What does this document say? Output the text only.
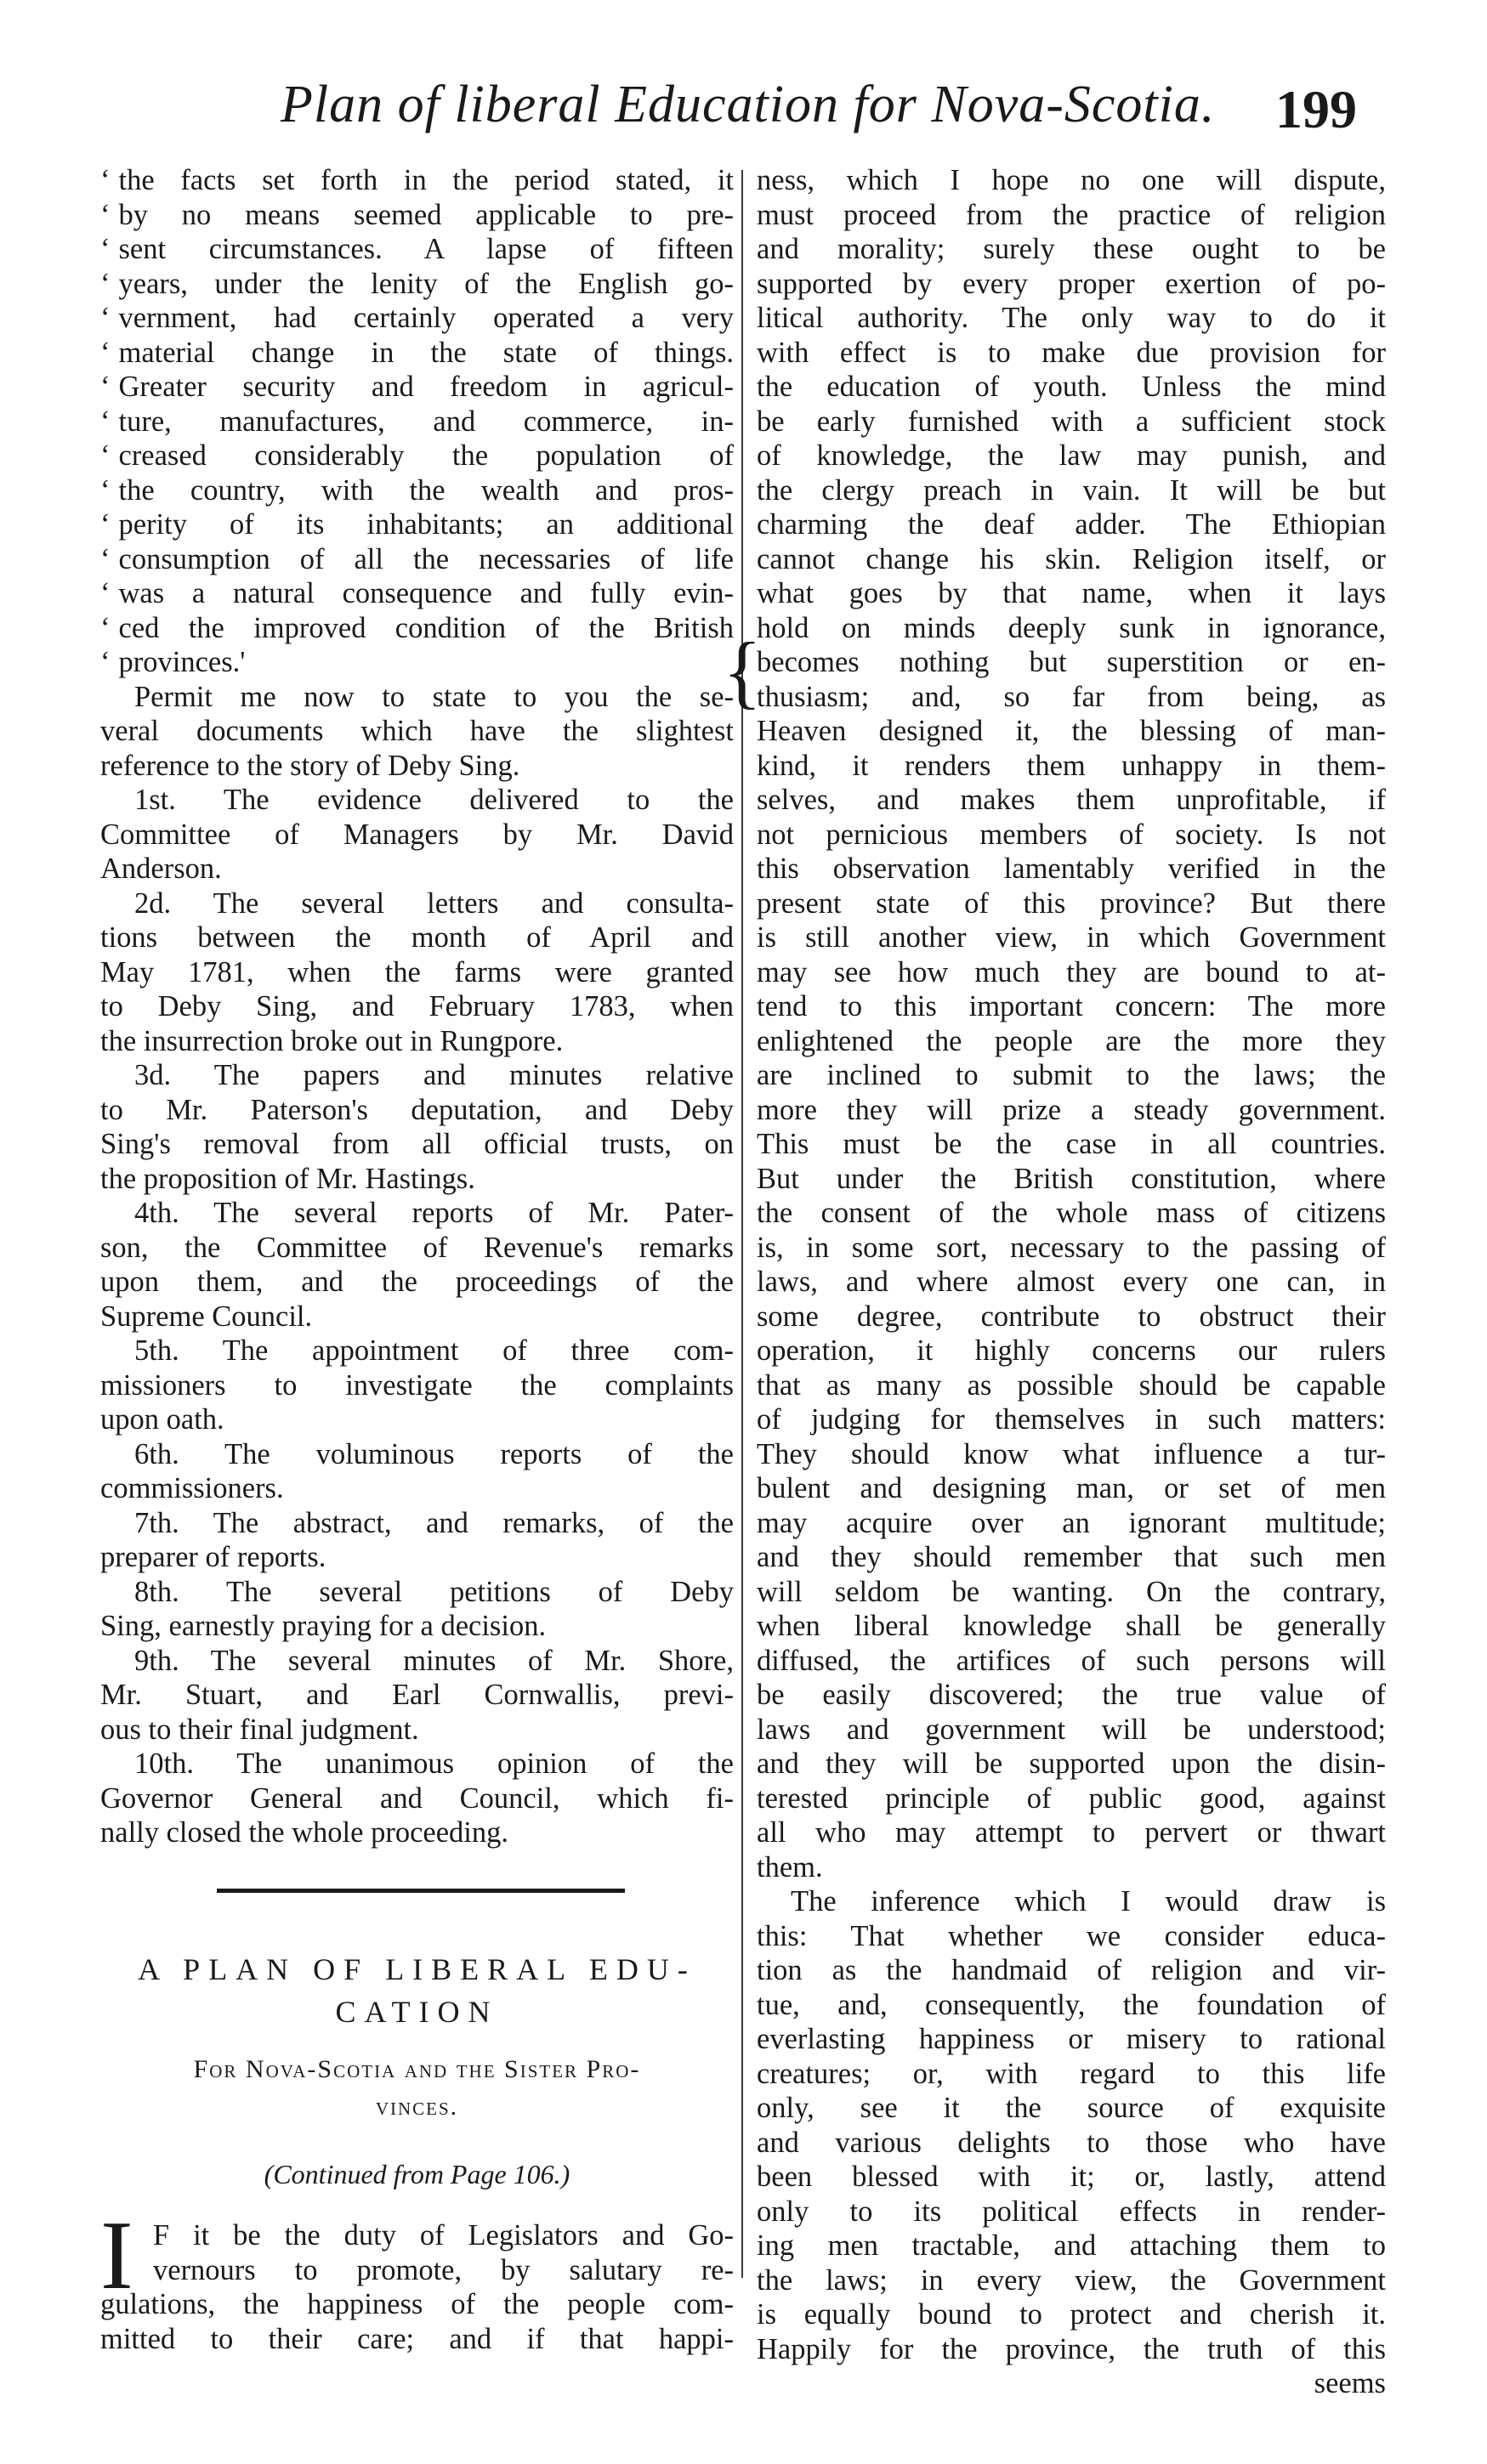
Plan of liberal Education for Nova-Scotia. 199
{

‘ the facts set forth in the period stated, it

‘ by no means seemed applicable to pre-

‘ sent circumstances. A lapse of fifteen

‘ years, under the lenity of the English go-

‘ vernment, had certainly operated a very

‘ material change in the state of things.

‘ Greater security and freedom in agricul-

‘ ture, manufactures, and commerce, in-

‘ creased considerably the population of

‘ the country, with the wealth and pros-

‘ perity of its inhabitants; an additional

‘ consumption of all the necessaries of life

‘ was a natural consequence and fully evin-

‘ ced the improved condition of the British

‘ provinces.'

Permit me now to state to you the se-

veral documents which have the slightest

reference to the story of Deby Sing.

1st. The evidence delivered to the

Committee of Managers by Mr. David

Anderson.

2d. The several letters and consulta-

tions between the month of April and

May 1781, when the farms were granted

to Deby Sing, and February 1783, when

the insurrection broke out in Rungpore.

3d. The papers and minutes relative

to Mr. Paterson's deputation, and Deby

Sing's removal from all official trusts, on

the proposition of Mr. Hastings.

4th. The several reports of Mr. Pater-

son, the Committee of Revenue's remarks

upon them, and the proceedings of the

Supreme Council.

5th. The appointment of three com-

missioners to investigate the complaints

upon oath.

6th. The voluminous reports of the

commissioners.

7th. The abstract, and remarks, of the

preparer of reports.

8th. The several petitions of Deby

Sing, earnestly praying for a decision.

9th. The several minutes of Mr. Shore,

Mr. Stuart, and Earl Cornwallis, previ-

ous to their final judgment.

10th. The unanimous opinion of the

Governor General and Council, which fi-

nally closed the whole proceeding.

A PLAN OF LIBERAL EDU-
CATION
For Nova-Scotia and the Sister Pro-
vinces.
(Continued from Page 106.)
I F it be the duty of Legislators and Go-

vernours to promote, by salutary re-

gulations, the happiness of the people com-

mitted to their care; and if that happi-

ness, which I hope no one will dispute,

must proceed from the practice of religion

and morality; surely these ought to be

supported by every proper exertion of po-

litical authority. The only way to do it

with effect is to make due provision for

the education of youth. Unless the mind

be early furnished with a sufficient stock

of knowledge, the law may punish, and

the clergy preach in vain. It will be but

charming the deaf adder. The Ethiopian

cannot change his skin. Religion itself, or

what goes by that name, when it lays

hold on minds deeply sunk in ignorance,

becomes nothing but superstition or en-

thusiasm; and, so far from being, as

Heaven designed it, the blessing of man-

kind, it renders them unhappy in them-

selves, and makes them unprofitable, if

not pernicious members of society. Is not

this observation lamentably verified in the

present state of this province? But there

is still another view, in which Government

may see how much they are bound to at-

tend to this important concern: The more

enlightened the people are the more they

are inclined to submit to the laws; the

more they will prize a steady government.

This must be the case in all countries.

But under the British constitution, where

the consent of the whole mass of citizens

is, in some sort, necessary to the passing of

laws, and where almost every one can, in

some degree, contribute to obstruct their

operation, it highly concerns our rulers

that as many as possible should be capable

of judging for themselves in such matters:

They should know what influence a tur-

bulent and designing man, or set of men

may acquire over an ignorant multitude;

and they should remember that such men

will seldom be wanting. On the contrary,

when liberal knowledge shall be generally

diffused, the artifices of such persons will

be easily discovered; the true value of

laws and government will be understood;

and they will be supported upon the disin-

terested principle of public good, against

all who may attempt to pervert or thwart

them.

The inference which I would draw is

this: That whether we consider educa-

tion as the handmaid of religion and vir-

tue, and, consequently, the foundation of

everlasting happiness or misery to rational

creatures; or, with regard to this life

only, see it the source of exquisite

and various delights to those who have

been blessed with it; or, lastly, attend

only to its political effects in render-

ing men tractable, and attaching them to

the laws; in every view, the Government

is equally bound to protect and cherish it.

Happily for the province, the truth of this

seems
